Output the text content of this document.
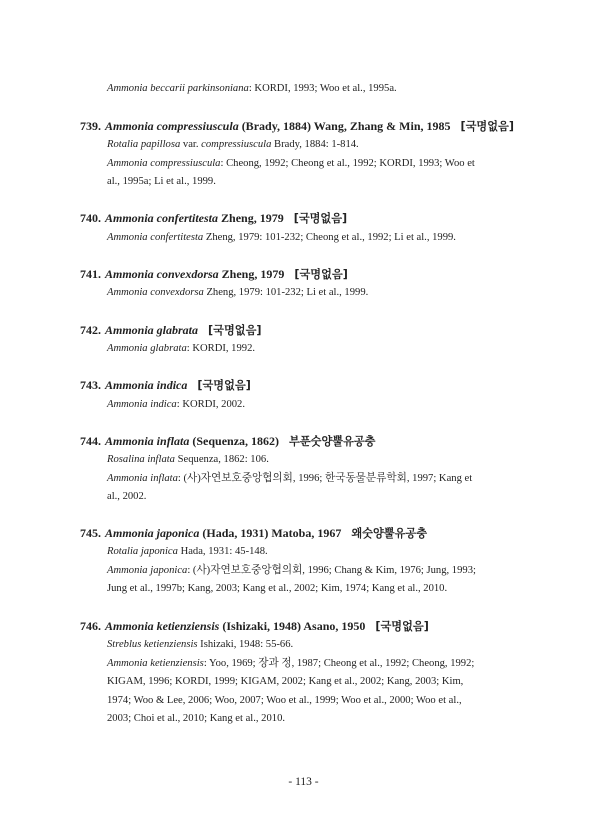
Ammonia beccarii parkinsoniana: KORDI, 1993; Woo et al., 1995a.
739. Ammonia compressiuscula (Brady, 1884) Wang, Zhang & Min, 1985 [국명없음]
Rotalia papillosa var. compressiuscula Brady, 1884: 1-814.
Ammonia compressiuscula: Cheong, 1992; Cheong et al., 1992; KORDI, 1993; Woo et
al., 1995a; Li et al., 1999.
740. Ammonia confertitesta Zheng, 1979 [국명없음]
Ammonia confertitesta Zheng, 1979: 101-232; Cheong et al., 1992; Li et al., 1999.
741. Ammonia convexdorsa Zheng, 1979 [국명없음]
Ammonia convexdorsa Zheng, 1979: 101-232; Li et al., 1999.
742. Ammonia glabrata [국명없음]
Ammonia glabrata: KORDI, 1992.
743. Ammonia indica [국명없음]
Ammonia indica: KORDI, 2002.
744. Ammonia inflata (Sequenza, 1862) 부푼숫양뿔유공충
Rosalina inflata Sequenza, 1862: 106.
Ammonia inflata: (사)자연보호중앙협의회, 1996; 한국동물분류학회, 1997; Kang et
al., 2002.
745. Ammonia japonica (Hada, 1931) Matoba, 1967 왜숫양뿔유공충
Rotalia japonica Hada, 1931: 45-148.
Ammonia japonica: (사)자연보호중앙협의회, 1996; Chang & Kim, 1976; Jung, 1993;
Jung et al., 1997b; Kang, 2003; Kang et al., 2002; Kim, 1974; Kang et al., 2010.
746. Ammonia ketienziensis (Ishizaki, 1948) Asano, 1950 [국명없음]
Streblus ketienziensis Ishizaki, 1948: 55-66.
Ammonia ketienziensis: Yoo, 1969; 장과 정, 1987; Cheong et al., 1992; Cheong, 1992;
KIGAM, 1996; KORDI, 1999; KIGAM, 2002; Kang et al., 2002; Kang, 2003; Kim,
1974; Woo & Lee, 2006; Woo, 2007; Woo et al., 1999; Woo et al., 2000; Woo et al.,
2003; Choi et al., 2010; Kang et al., 2010.
- 113 -
